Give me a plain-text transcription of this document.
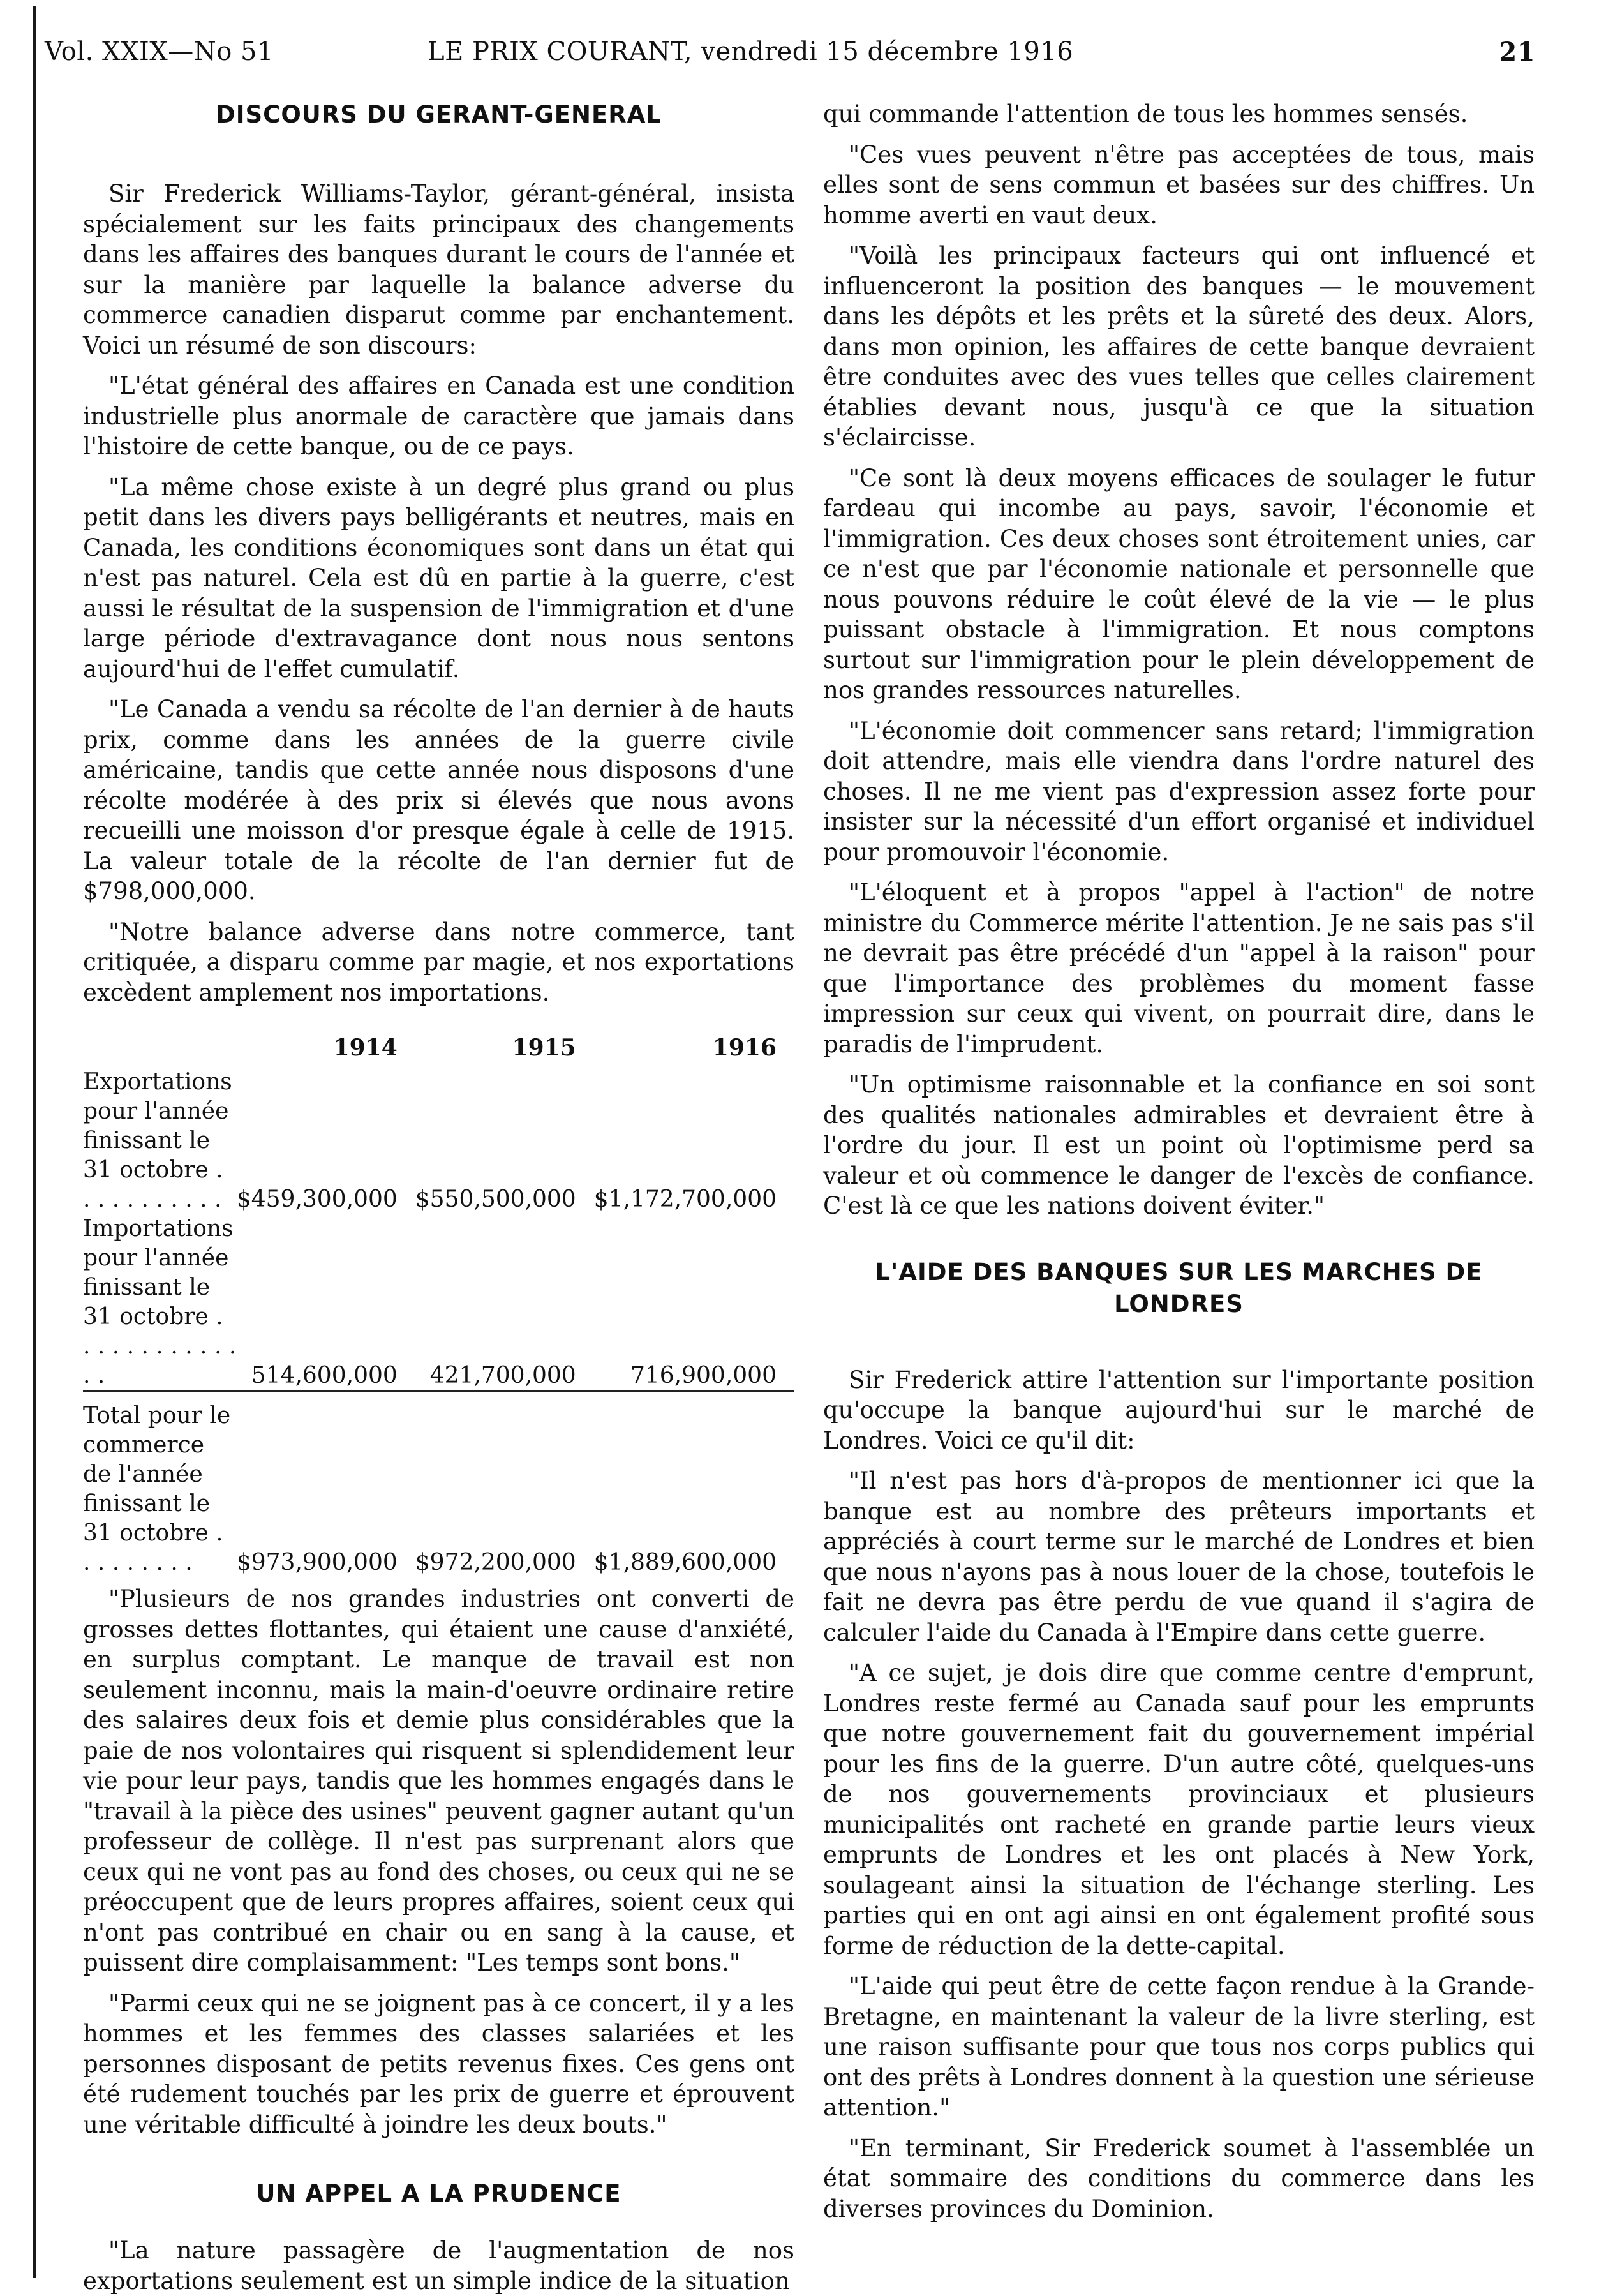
Vol. XXIX—No 51	LE PRIX COURANT, vendredi 15 décembre 1916	21
DISCOURS DU GERANT-GENERAL

Sir Frederick Williams-Taylor, gérant-général, insista spécialement sur les faits principaux des changements dans les affaires des banques durant le cours de l'année et sur la manière par laquelle la balance adverse du commerce canadien disparut comme par enchantement. Voici un résumé de son discours:

"L'état général des affaires en Canada est une condition industrielle plus anormale de caractère que jamais dans l'histoire de cette banque, ou de ce pays.

"La même chose existe à un degré plus grand ou plus petit dans les divers pays belligérants et neutres, mais en Canada, les conditions économiques sont dans un état qui n'est pas naturel. Cela est dû en partie à la guerre, c'est aussi le résultat de la suspension de l'immigration et d'une large période d'extravagance dont nous nous sentons aujourd'hui de l'effet cumulatif.

"Le Canada a vendu sa récolte de l'an dernier à de hauts prix, comme dans les années de la guerre civile américaine, tandis que cette année nous disposons d'une récolte modérée à des prix si élevés que nous avons recueilli une moisson d'or presque égale à celle de 1915. La valeur totale de la récolte de l'an dernier fut de $798,000,000.

"Notre balance adverse dans notre commerce, tant critiquée, a disparu comme par magie, et nos exportations excèdent amplement nos importations.

	1914	1915	1916
Exportations pour l'année finissant le 31 octobre . . . . . . . . . . .	$459,300,000	$550,500,000	$1,172,700,000
Importations pour l'année finissant le 31 octobre . . . . . . . . . . . . . .	514,600,000	421,700,000	716,900,000

Total pour le commerce de l'année finissant le 31 octobre . . . . . . . . .	$973,900,000	$972,200,000	$1,889,600,000

"Plusieurs de nos grandes industries ont converti de grosses dettes flottantes, qui étaient une cause d'anxiété, en surplus comptant. Le manque de travail est non seulement inconnu, mais la main-d'oeuvre ordinaire retire des salaires deux fois et demie plus considérables que la paie de nos volontaires qui risquent si splendidement leur vie pour leur pays, tandis que les hommes engagés dans le "travail à la pièce des usines" peuvent gagner autant qu'un professeur de collège. Il n'est pas surprenant alors que ceux qui ne vont pas au fond des choses, ou ceux qui ne se préoccupent que de leurs propres affaires, soient ceux qui n'ont pas contribué en chair ou en sang à la cause, et puissent dire complaisamment: "Les temps sont bons."

"Parmi ceux qui ne se joignent pas à ce concert, il y a les hommes et les femmes des classes salariées et les personnes disposant de petits revenus fixes. Ces gens ont été rudement touchés par les prix de guerre et éprouvent une véritable difficulté à joindre les deux bouts."

UN APPEL A LA PRUDENCE

"La nature passagère de l'augmentation de nos exportations seulement est un simple indice de la situation

qui commande l'attention de tous les hommes sensés.

"Ces vues peuvent n'être pas acceptées de tous, mais elles sont de sens commun et basées sur des chiffres. Un homme averti en vaut deux.

"Voilà les principaux facteurs qui ont influencé et influenceront la position des banques — le mouvement dans les dépôts et les prêts et la sûreté des deux. Alors, dans mon opinion, les affaires de cette banque devraient être conduites avec des vues telles que celles clairement établies devant nous, jusqu'à ce que la situation s'éclaircisse.

"Ce sont là deux moyens efficaces de soulager le futur fardeau qui incombe au pays, savoir, l'économie et l'immigration. Ces deux choses sont étroitement unies, car ce n'est que par l'économie nationale et personnelle que nous pouvons réduire le coût élevé de la vie — le plus puissant obstacle à l'immigration. Et nous comptons surtout sur l'immigration pour le plein développement de nos grandes ressources naturelles.

"L'économie doit commencer sans retard; l'immigration doit attendre, mais elle viendra dans l'ordre naturel des choses. Il ne me vient pas d'expression assez forte pour insister sur la nécessité d'un effort organisé et individuel pour promouvoir l'économie.

"L'éloquent et à propos "appel à l'action" de notre ministre du Commerce mérite l'attention. Je ne sais pas s'il ne devrait pas être précédé d'un "appel à la raison" pour que l'importance des problèmes du moment fasse impression sur ceux qui vivent, on pourrait dire, dans le paradis de l'imprudent.

"Un optimisme raisonnable et la confiance en soi sont des qualités nationales admirables et devraient être à l'ordre du jour. Il est un point où l'optimisme perd sa valeur et où commence le danger de l'excès de confiance. C'est là ce que les nations doivent éviter."

L'AIDE DES BANQUES SUR LES MARCHES DE LONDRES

Sir Frederick attire l'attention sur l'importante position qu'occupe la banque aujourd'hui sur le marché de Londres. Voici ce qu'il dit:

"Il n'est pas hors d'à-propos de mentionner ici que la banque est au nombre des prêteurs importants et appréciés à court terme sur le marché de Londres et bien que nous n'ayons pas à nous louer de la chose, toutefois le fait ne devra pas être perdu de vue quand il s'agira de calculer l'aide du Canada à l'Empire dans cette guerre.

"A ce sujet, je dois dire que comme centre d'emprunt, Londres reste fermé au Canada sauf pour les emprunts que notre gouvernement fait du gouvernement impérial pour les fins de la guerre. D'un autre côté, quelques-uns de nos gouvernements provinciaux et plusieurs municipalités ont racheté en grande partie leurs vieux emprunts de Londres et les ont placés à New York, soulageant ainsi la situation de l'échange sterling. Les parties qui en ont agi ainsi en ont également profité sous forme de réduction de la dette-capital.

"L'aide qui peut être de cette façon rendue à la Grande-Bretagne, en maintenant la valeur de la livre sterling, est une raison suffisante pour que tous nos corps publics qui ont des prêts à Londres donnent à la question une sérieuse attention."

"En terminant, Sir Frederick soumet à l'assemblée un état sommaire des conditions du commerce dans les diverses provinces du Dominion.
